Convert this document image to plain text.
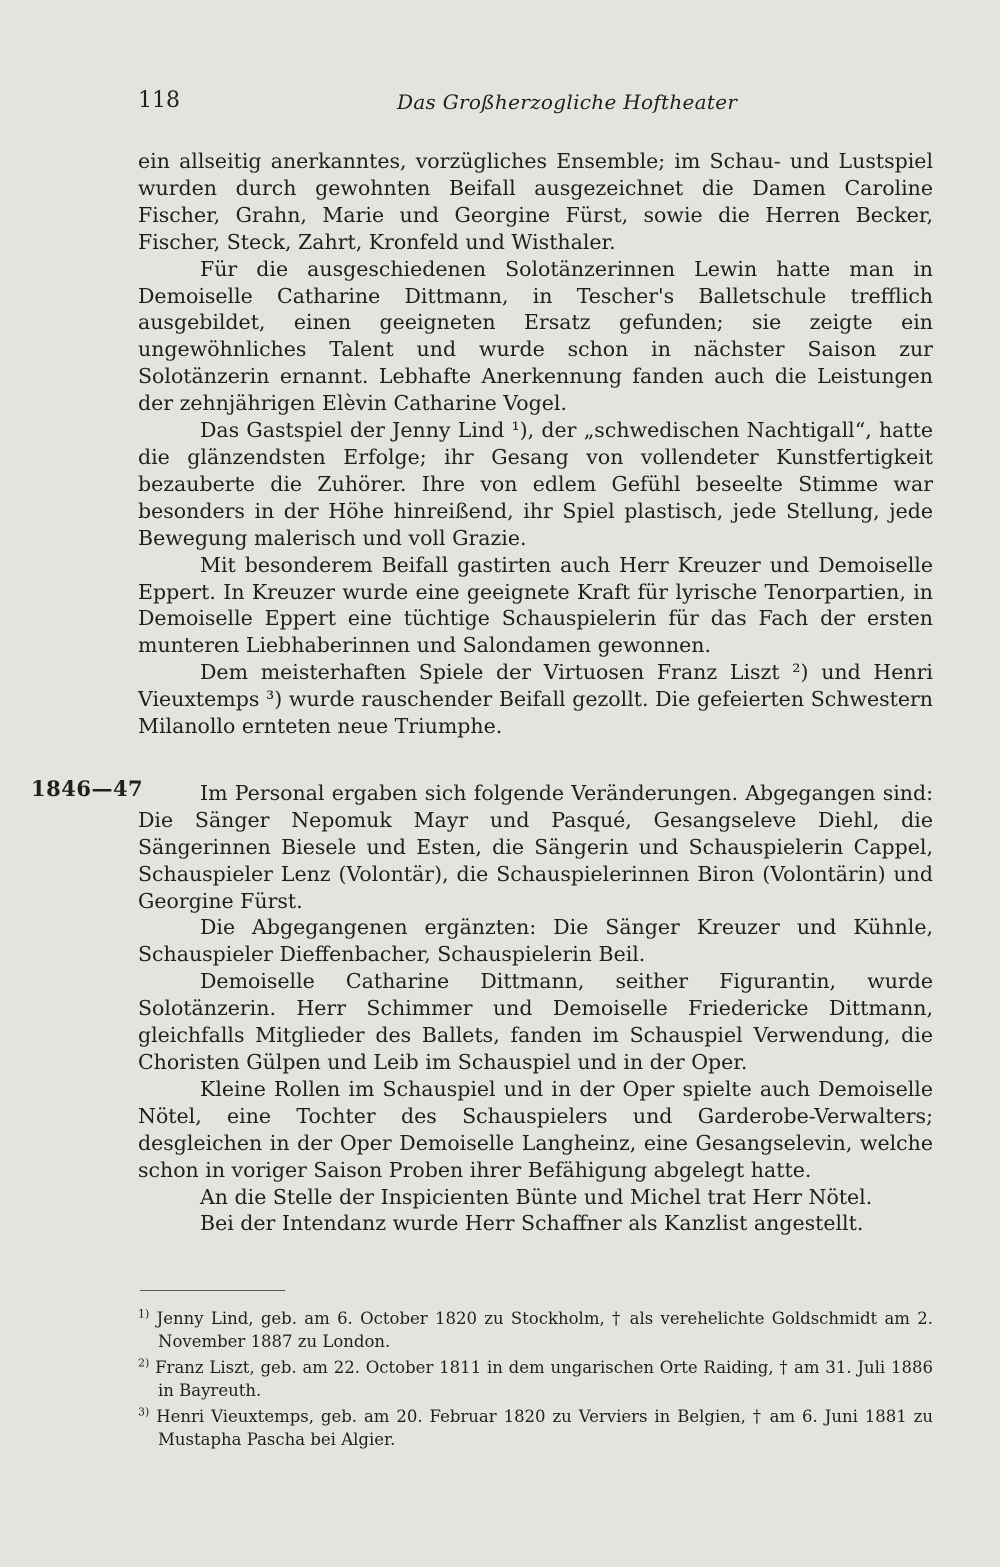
118	Das Großherzogliche Hoftheater
1846—47

ein allseitig anerkanntes, vorzügliches Ensemble; im Schau- und Lustspiel wurden durch gewohnten Beifall ausgezeichnet die Damen Caroline Fischer, Grahn, Marie und Georgine Fürst, sowie die Herren Becker, Fischer, Steck, Zahrt, Kronfeld und Wisthaler.

Für die ausgeschiedenen Solotänzerinnen Lewin hatte man in Demoiselle Catharine Dittmann, in Tescher's Balletschule trefflich ausgebildet, einen geeigneten Ersatz gefunden; sie zeigte ein ungewöhnliches Talent und wurde schon in nächster Saison zur Solotänzerin ernannt. Lebhafte Anerkennung fanden auch die Leistungen der zehnjährigen Elèvin Catharine Vogel.

Das Gastspiel der Jenny Lind ¹), der „schwedischen Nachtigall“, hatte die glänzendsten Erfolge; ihr Gesang von vollendeter Kunstfertigkeit bezauberte die Zuhörer. Ihre von edlem Gefühl beseelte Stimme war besonders in der Höhe hinreißend, ihr Spiel plastisch, jede Stellung, jede Bewegung malerisch und voll Grazie.

Mit besonderem Beifall gastirten auch Herr Kreuzer und Demoiselle Eppert. In Kreuzer wurde eine geeignete Kraft für lyrische Tenorpartien, in Demoiselle Eppert eine tüchtige Schauspielerin für das Fach der ersten munteren Liebhaberinnen und Salondamen gewonnen.

Dem meisterhaften Spiele der Virtuosen Franz Liszt ²) und Henri Vieuxtemps ³) wurde rauschender Beifall gezollt. Die gefeierten Schwestern Milanollo ernteten neue Triumphe.

Im Personal ergaben sich folgende Veränderungen. Abgegangen sind: Die Sänger Nepomuk Mayr und Pasqué, Gesangseleve Diehl, die Sängerinnen Biesele und Esten, die Sängerin und Schauspielerin Cappel, Schauspieler Lenz (Volontär), die Schauspielerinnen Biron (Volontärin) und Georgine Fürst.

Die Abgegangenen ergänzten: Die Sänger Kreuzer und Kühnle, Schauspieler Dieffenbacher, Schauspielerin Beil.

Demoiselle Catharine Dittmann, seither Figurantin, wurde Solotänzerin. Herr Schimmer und Demoiselle Friedericke Dittmann, gleichfalls Mitglieder des Ballets, fanden im Schauspiel Verwendung, die Choristen Gülpen und Leib im Schauspiel und in der Oper.

Kleine Rollen im Schauspiel und in der Oper spielte auch Demoiselle Nötel, eine Tochter des Schauspielers und Garderobe-Verwalters; desgleichen in der Oper Demoiselle Langheinz, eine Gesangselevin, welche schon in voriger Saison Proben ihrer Befähigung abgelegt hatte.

An die Stelle der Inspicienten Bünte und Michel trat Herr Nötel.

Bei der Intendanz wurde Herr Schaffner als Kanzlist angestellt.

$^{1)}$ Jenny Lind, geb. am 6. October 1820 zu Stockholm, † als verehelichte Goldschmidt am 2. November 1887 zu London.

$^{2)}$ Franz Liszt, geb. am 22. October 1811 in dem ungarischen Orte Raiding, † am 31. Juli 1886 in Bayreuth.

$^{3)}$ Henri Vieuxtemps, geb. am 20. Februar 1820 zu Verviers in Belgien, † am 6. Juni 1881 zu Mustapha Pascha bei Algier.
